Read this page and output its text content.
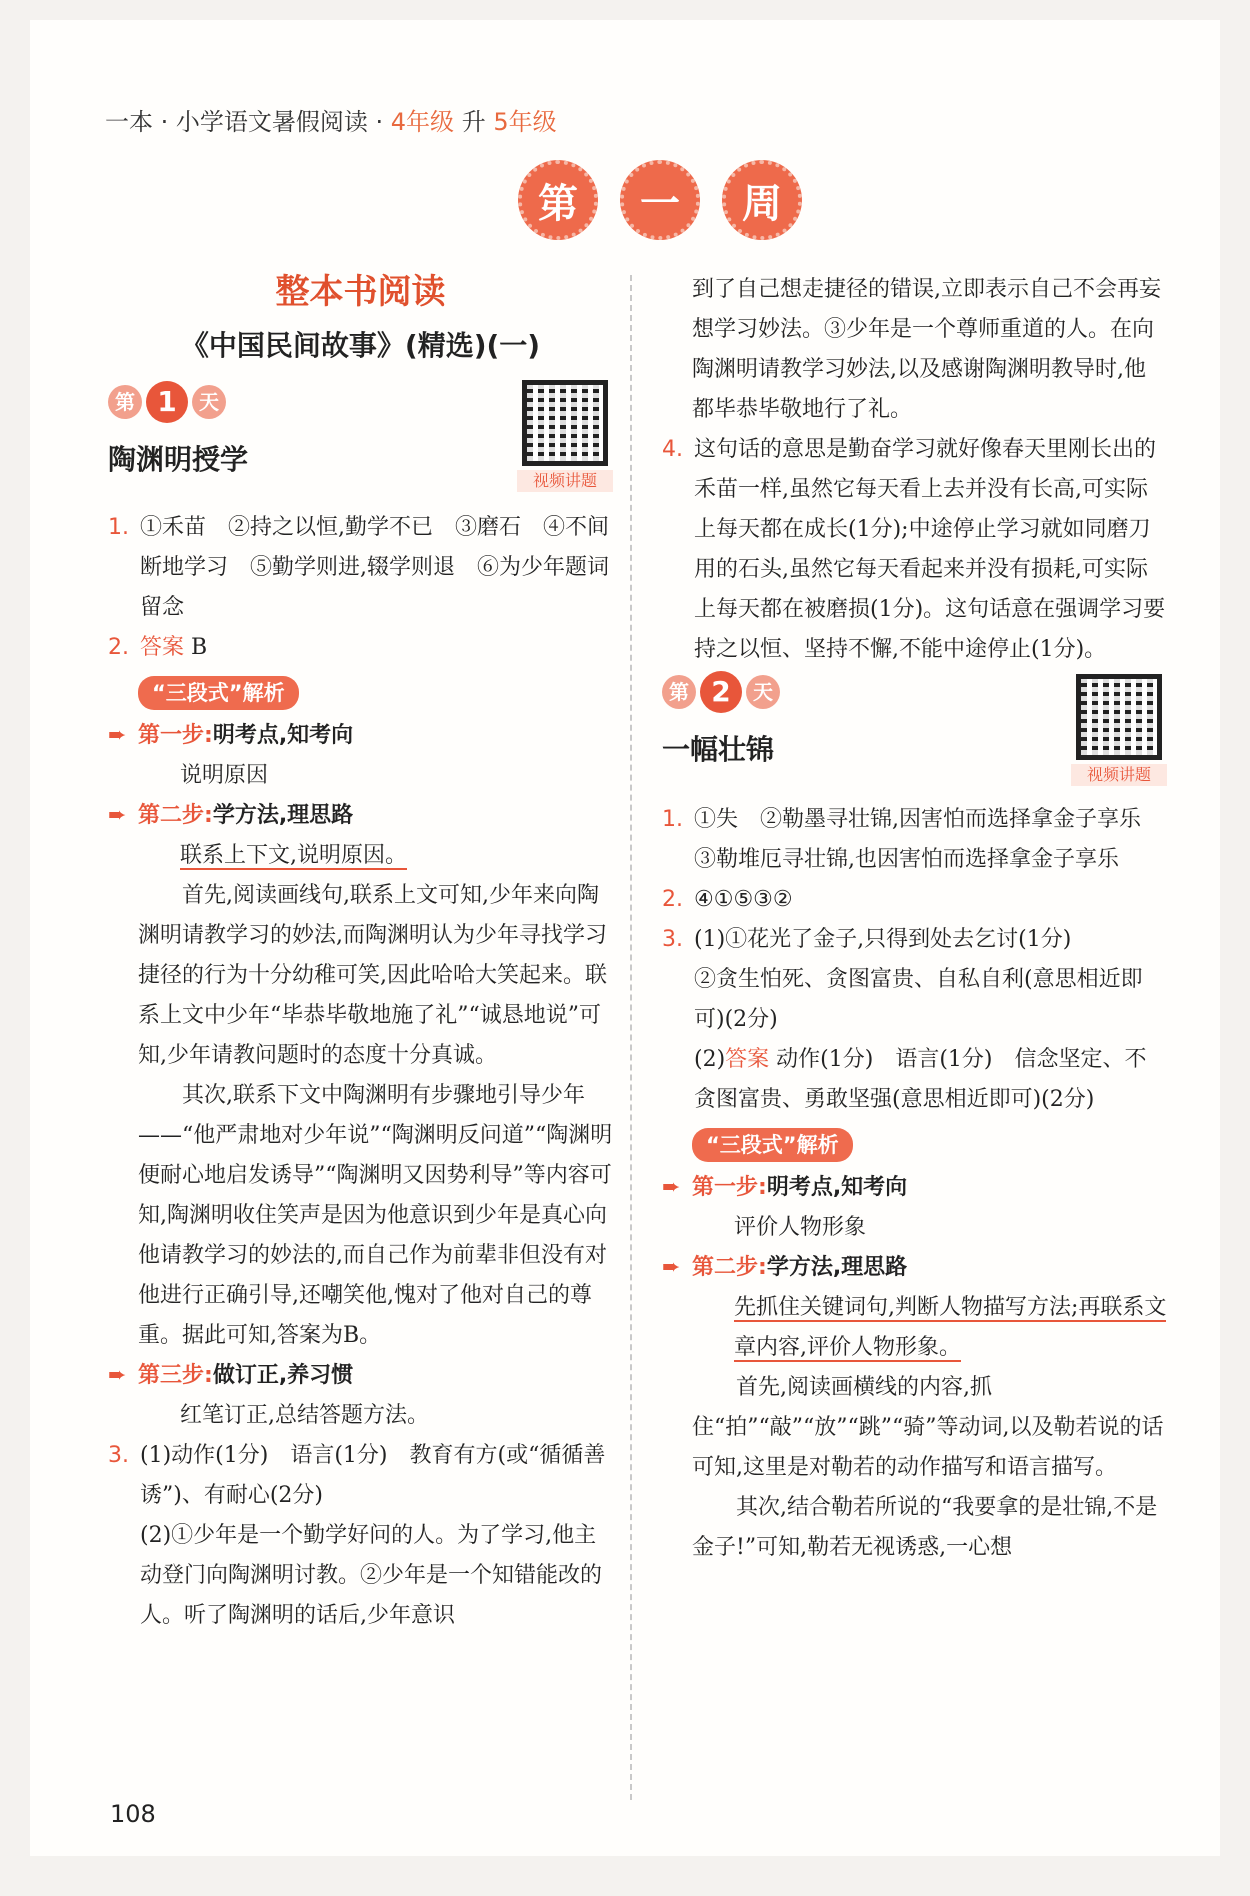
一本 · 小学语文暑假阅读 · 4年级 升 5年级
第	一	周
整本书阅读
《中国民间故事》(精选)(一)
第 1	天
陶渊明授学
视频讲题
1. ①禾苗　②持之以恒,勤学不已　③磨石　④不间断地学习　⑤勤学则进,辍学则退　⑥为少年题词留念
2. 答案 B
“三段式”解析
➨ 第一步:明考点,知考向
说明原因
➨ 第二步:学方法,理思路
联系上下文,说明原因。
首先,阅读画线句,联系上文可知,少年来向陶渊明请教学习的妙法,而陶渊明认为少年寻找学习捷径的行为十分幼稚可笑,因此哈哈大笑起来。联系上文中少年“毕恭毕敬地施了礼”“诚恳地说”可知,少年请教问题时的态度十分真诚。
其次,联系下文中陶渊明有步骤地引导少年——“他严肃地对少年说”“陶渊明反问道”“陶渊明便耐心地启发诱导”“陶渊明又因势利导”等内容可知,陶渊明收住笑声是因为他意识到少年是真心向他请教学习的妙法的,而自己作为前辈非但没有对他进行正确引导,还嘲笑他,愧对了他对自己的尊重。据此可知,答案为B。
➨ 第三步:做订正,养习惯
红笔订正,总结答题方法。
3. (1)动作(1分)　语言(1分)　教育有方(或“循循善诱”)、有耐心(2分)
(2)①少年是一个勤学好问的人。为了学习,他主动登门向陶渊明讨教。②少年是一个知错能改的人。听了陶渊明的话后,少年意识
到了自己想走捷径的错误,立即表示自己不会再妄想学习妙法。③少年是一个尊师重道的人。在向陶渊明请教学习妙法,以及感谢陶渊明教导时,他都毕恭毕敬地行了礼。
4. 这句话的意思是勤奋学习就好像春天里刚长出的禾苗一样,虽然它每天看上去并没有长高,可实际上每天都在成长(1分);中途停止学习就如同磨刀用的石头,虽然它每天看起来并没有损耗,可实际上每天都在被磨损(1分)。这句话意在强调学习要持之以恒、坚持不懈,不能中途停止(1分)。
第 2	天
一幅壮锦
视频讲题
1. ①失　②勒墨寻壮锦,因害怕而选择拿金子享乐　③勒堆厄寻壮锦,也因害怕而选择拿金子享乐
2. ④①⑤③②
3. (1)①花光了金子,只得到处去乞讨(1分)
②贪生怕死、贪图富贵、自私自利(意思相近即可)(2分)
(2)答案 动作(1分)　语言(1分)　信念坚定、不贪图富贵、勇敢坚强(意思相近即可)(2分)
“三段式”解析
➨ 第一步:明考点,知考向
评价人物形象
➨ 第二步:学方法,理思路
先抓住关键词句,判断人物描写方法;再联系文章内容,评价人物形象。
首先,阅读画横线的内容,抓住“拍”“敲”“放”“跳”“骑”等动词,以及勒若说的话可知,这里是对勒若的动作描写和语言描写。
其次,结合勒若所说的“我要拿的是壮锦,不是金子!”可知,勒若无视诱惑,一心想
108
